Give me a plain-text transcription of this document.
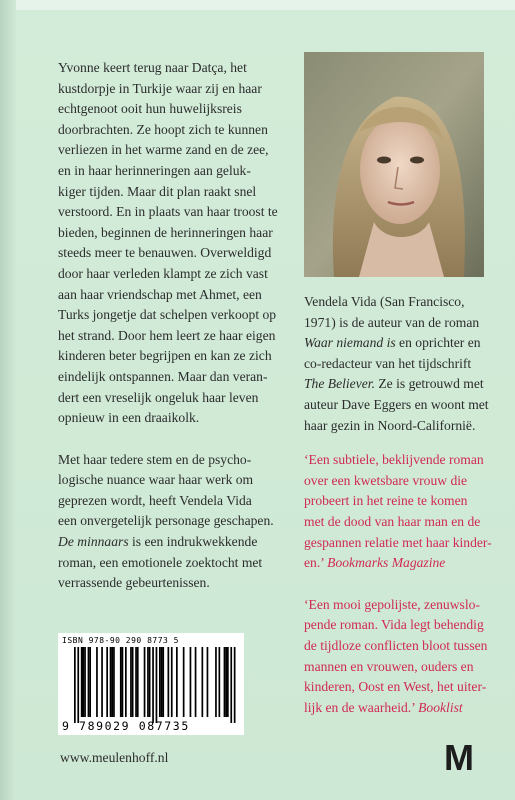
Yvonne keert terug naar Datça, het
kustdorpje in Turkije waar zij en haar
echtgenoot ooit hun huwelijksreis
doorbrachten. Ze hoopt zich te kunnen
verliezen in het warme zand en de zee,
en in haar herinneringen aan geluk-
kiger tijden. Maar dit plan raakt snel
verstoord. En in plaats van haar troost te
bieden, beginnen de herinneringen haar
steeds meer te benauwen. Overweldigd
door haar verleden klampt ze zich vast
aan haar vriendschap met Ahmet, een
Turks jongetje dat schelpen verkoopt op
het strand. Door hem leert ze haar eigen
kinderen beter begrijpen en kan ze zich
eindelijk ontspannen. Maar dan veran-
dert een vreselijk ongeluk haar leven
opnieuw in een draaikolk.

Met haar tedere stem en de psycho-
logische nuance waar haar werk om
geprezen wordt, heeft Vendela Vida
een onvergetelijk personage geschapen.
De minnaars is een indrukwekkende
roman, een emotionele zoektocht met
verrassende gebeurtenissen.

Vendela Vida (San Francisco,
1971) is de auteur van de roman
Waar niemand is en oprichter en
co-redacteur van het tijdschrift
The Believer. Ze is getrouwd met
auteur Dave Eggers en woont met
haar gezin in Noord-Californië.
‘Een subtiele, beklijvende roman
over een kwetsbare vrouw die
probeert in het reine te komen
met de dood van haar man en de
gespannen relatie met haar kinder-
en.’ Bookmarks Magazine
‘Een mooi gepolijste, zenuwslo-
pende roman. Vida legt behendig
de tijdloze conflicten bloot tussen
mannen en vrouwen, ouders en
kinderen, Oost en West, het uiter-
lijk en de waarheid.’ Booklist
ISBN 978-90 290 8773 5
9 789029 087735
www.meulenhoff.nl	M
